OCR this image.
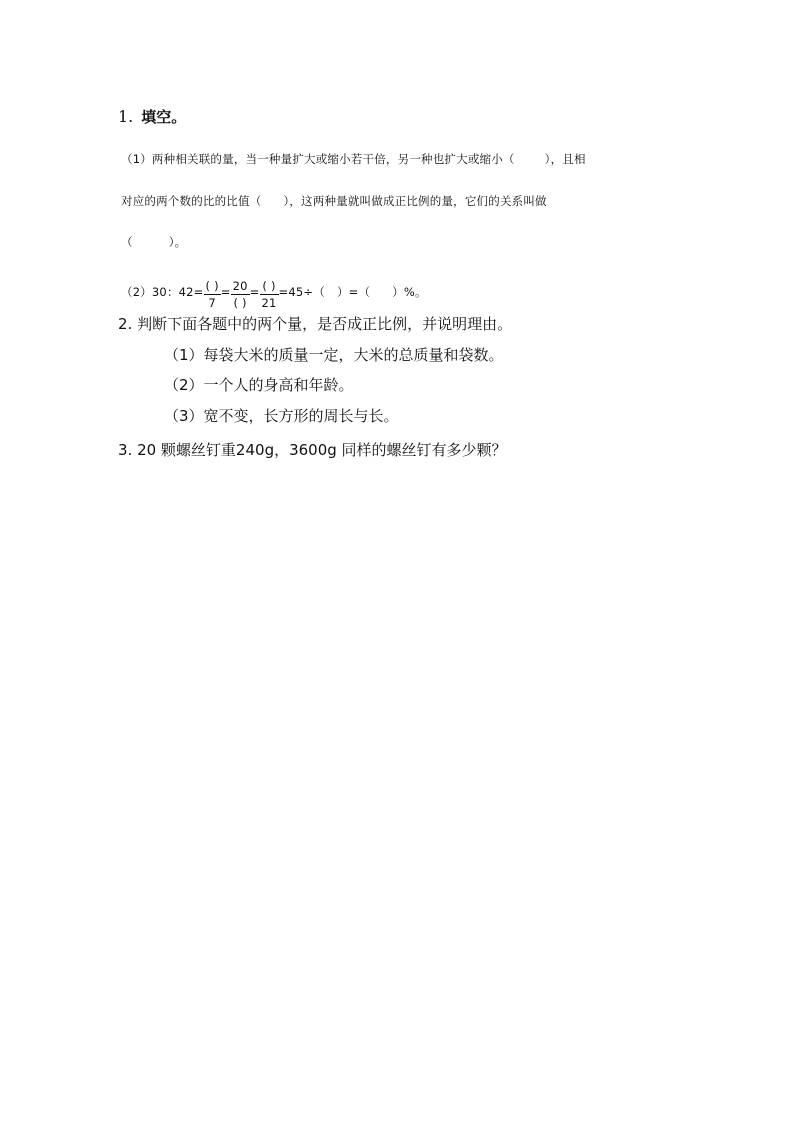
1. 填空。
（1）两种相关联的量，当一种量扩大或缩小若干倍，另一种也扩大或缩小（	），且相
对应的两个数的比的比值（ ），这两种量就叫做成正比例的量，它们的关系叫做
（	）。
（2）30：$42= \frac{( )}{7} = \frac{20}{( )} = \frac{( )}{21} =45\div$（ ）=（ ）%。
2. 判断下面各题中的两个量，是否成正比例，并说明理由。
（1）每袋大米的质量一定，大米的总质量和袋数。
（2）一个人的身高和年龄。
（3）宽不变，长方形的周长与长。
3. 20 颗螺丝钉重240g，3600g 同样的螺丝钉有多少颗？
